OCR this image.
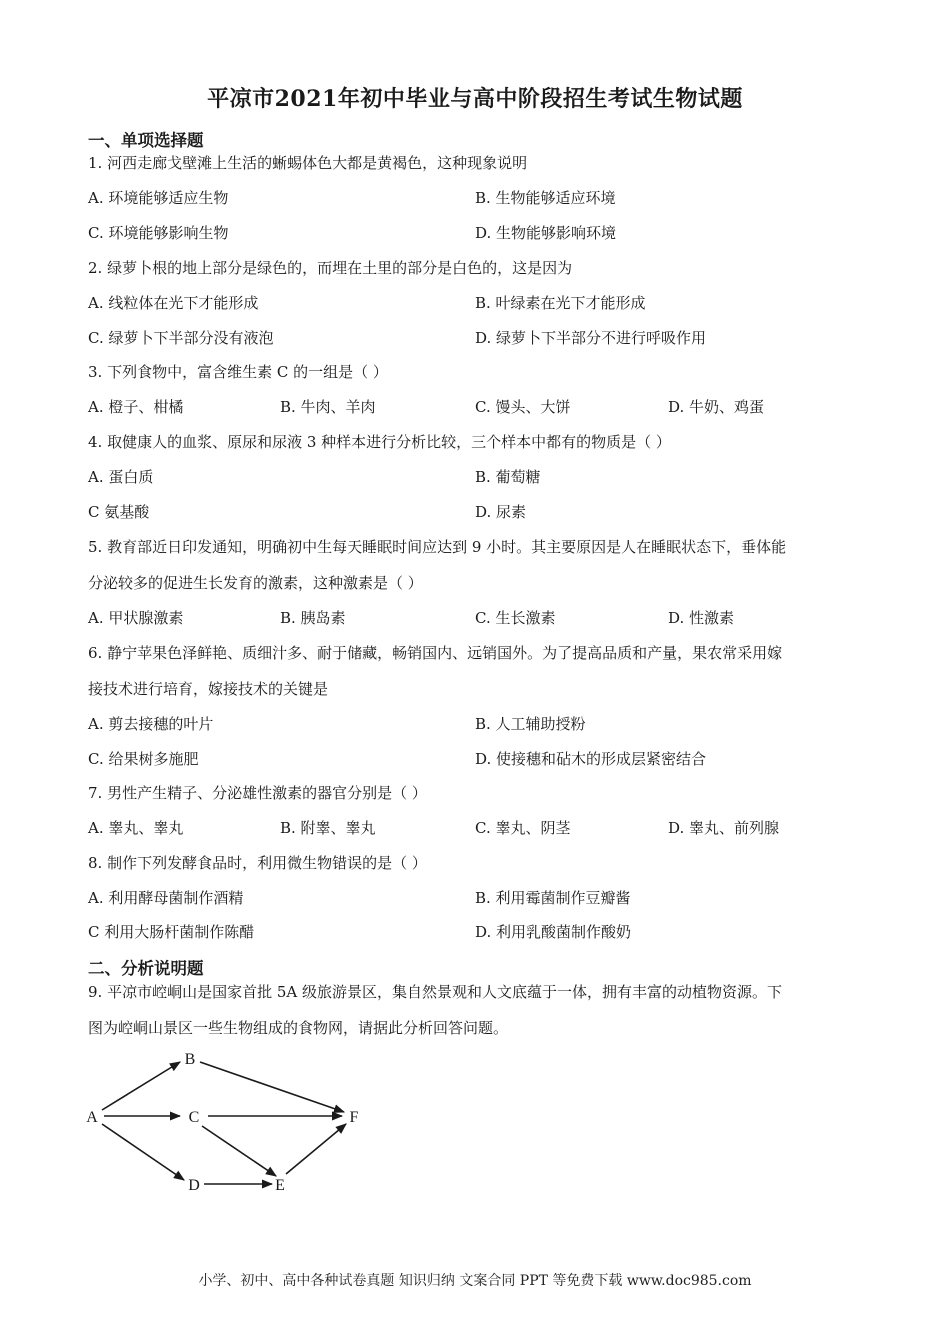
平凉市2021年初中毕业与高中阶段招生考试生物试题
一、单项选择题
1. 河西走廊戈壁滩上生活的蜥蜴体色大都是黄褐色，这种现象说明
A. 环境能够适应生物	B. 生物能够适应环境
C. 环境能够影响生物	D. 生物能够影响环境
2. 绿萝卜根的地上部分是绿色的，而埋在土里的部分是白色的，这是因为
A. 线粒体在光下才能形成	B. 叶绿素在光下才能形成
C. 绿萝卜下半部分没有液泡	D. 绿萝卜下半部分不进行呼吸作用
3. 下列食物中，富含维生素 C 的一组是（ ）
A. 橙子、柑橘	B. 牛肉、羊肉	C. 馒头、大饼	D. 牛奶、鸡蛋
4. 取健康人的血浆、原尿和尿液 3 种样本进行分析比较，三个样本中都有的物质是（ ）
A. 蛋白质	B. 葡萄糖
C 氨基酸	D. 尿素
5. 教育部近日印发通知，明确初中生每天睡眠时间应达到 9 小时。其主要原因是人在睡眠状态下，垂体能
分泌较多的促进生长发育的激素，这种激素是（ ）
A. 甲状腺激素	B. 胰岛素	C. 生长激素	D. 性激素
6. 静宁苹果色泽鲜艳、质细汁多、耐于储藏，畅销国内、远销国外。为了提高品质和产量，果农常采用嫁
接技术进行培育，嫁接技术的关键是
A. 剪去接穗的叶片	B. 人工辅助授粉
C. 给果树多施肥	D. 使接穗和砧木的形成层紧密结合
7. 男性产生精子、分泌雄性激素的器官分别是（ ）
A. 睾丸、睾丸	B. 附睾、睾丸	C. 睾丸、阴茎	D. 睾丸、前列腺
8. 制作下列发酵食品时，利用微生物错误的是（ ）
A. 利用酵母菌制作酒精	B. 利用霉菌制作豆瓣酱
C 利用大肠杆菌制作陈醋	D. 利用乳酸菌制作酸奶
二、分析说明题
9. 平凉市崆峒山是国家首批 5A 级旅游景区，集自然景观和人文底蕴于一体，拥有丰富的动植物资源。下
图为崆峒山景区一些生物组成的食物网，请据此分析回答问题。
A
B
C
D	E
F
小学、初中、高中各种试卷真题 知识归纳 文案合同 PPT 等免费下载 www.doc985.com
